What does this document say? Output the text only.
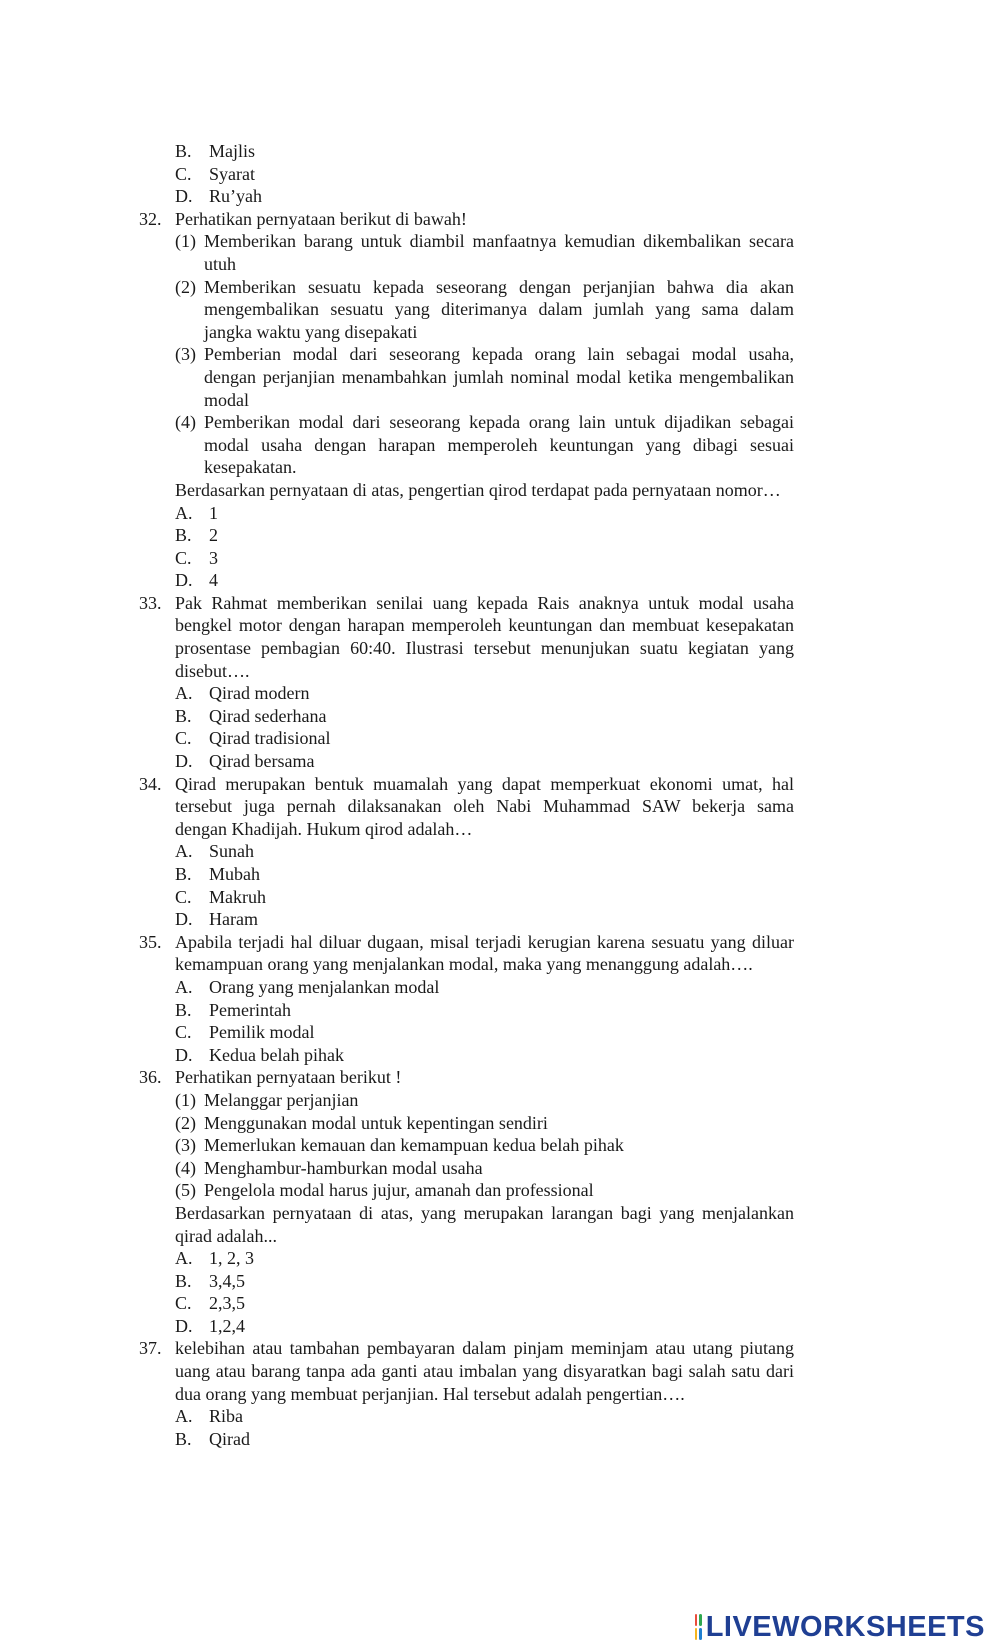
B. Majlis
C. Syarat
D. Ru’yah
32. Perhatikan pernyataan berikut di bawah!
(1) Memberikan barang untuk diambil manfaatnya kemudian dikembalikan secara
utuh
(2) Memberikan sesuatu kepada seseorang dengan perjanjian bahwa dia akan
mengembalikan sesuatu yang diterimanya dalam jumlah yang sama dalam
jangka waktu yang disepakati
(3) Pemberian modal dari seseorang kepada orang lain sebagai modal usaha,
dengan perjanjian menambahkan jumlah nominal modal ketika mengembalikan
modal
(4) Pemberikan modal dari seseorang kepada orang lain untuk dijadikan sebagai
modal usaha dengan harapan memperoleh keuntungan yang dibagi sesuai
kesepakatan.
Berdasarkan pernyataan di atas, pengertian qirod terdapat pada pernyataan nomor…
A. 1
B. 2
C. 3
D. 4
33. Pak Rahmat memberikan senilai uang kepada Rais anaknya untuk modal usaha
bengkel motor dengan harapan memperoleh keuntungan dan membuat kesepakatan
prosentase pembagian 60:40. Ilustrasi tersebut menunjukan suatu kegiatan yang
disebut….
A. Qirad modern
B. Qirad sederhana
C. Qirad tradisional
D. Qirad bersama
34. Qirad merupakan bentuk muamalah yang dapat memperkuat ekonomi umat, hal
tersebut juga pernah dilaksanakan oleh Nabi Muhammad SAW bekerja sama
dengan Khadijah. Hukum qirod adalah…
A. Sunah
B. Mubah
C. Makruh
D. Haram
35. Apabila terjadi hal diluar dugaan, misal terjadi kerugian karena sesuatu yang diluar
kemampuan orang yang menjalankan modal, maka yang menanggung adalah….
A. Orang yang menjalankan modal
B. Pemerintah
C. Pemilik modal
D. Kedua belah pihak
36. Perhatikan pernyataan berikut !
(1) Melanggar perjanjian
(2) Menggunakan modal untuk kepentingan sendiri
(3) Memerlukan kemauan dan kemampuan kedua belah pihak
(4) Menghambur-hamburkan modal usaha
(5) Pengelola modal harus jujur, amanah dan professional
Berdasarkan pernyataan di atas, yang merupakan larangan bagi yang menjalankan
qirad adalah...
A. 1, 2, 3
B. 3,4,5
C. 2,3,5
D. 1,2,4
37. kelebihan atau tambahan pembayaran dalam pinjam meminjam atau utang piutang
uang atau barang tanpa ada ganti atau imbalan yang disyaratkan bagi salah satu dari
dua orang yang membuat perjanjian. Hal tersebut adalah pengertian….
A. Riba
B. Qirad
LIVEWORKSHEETS
